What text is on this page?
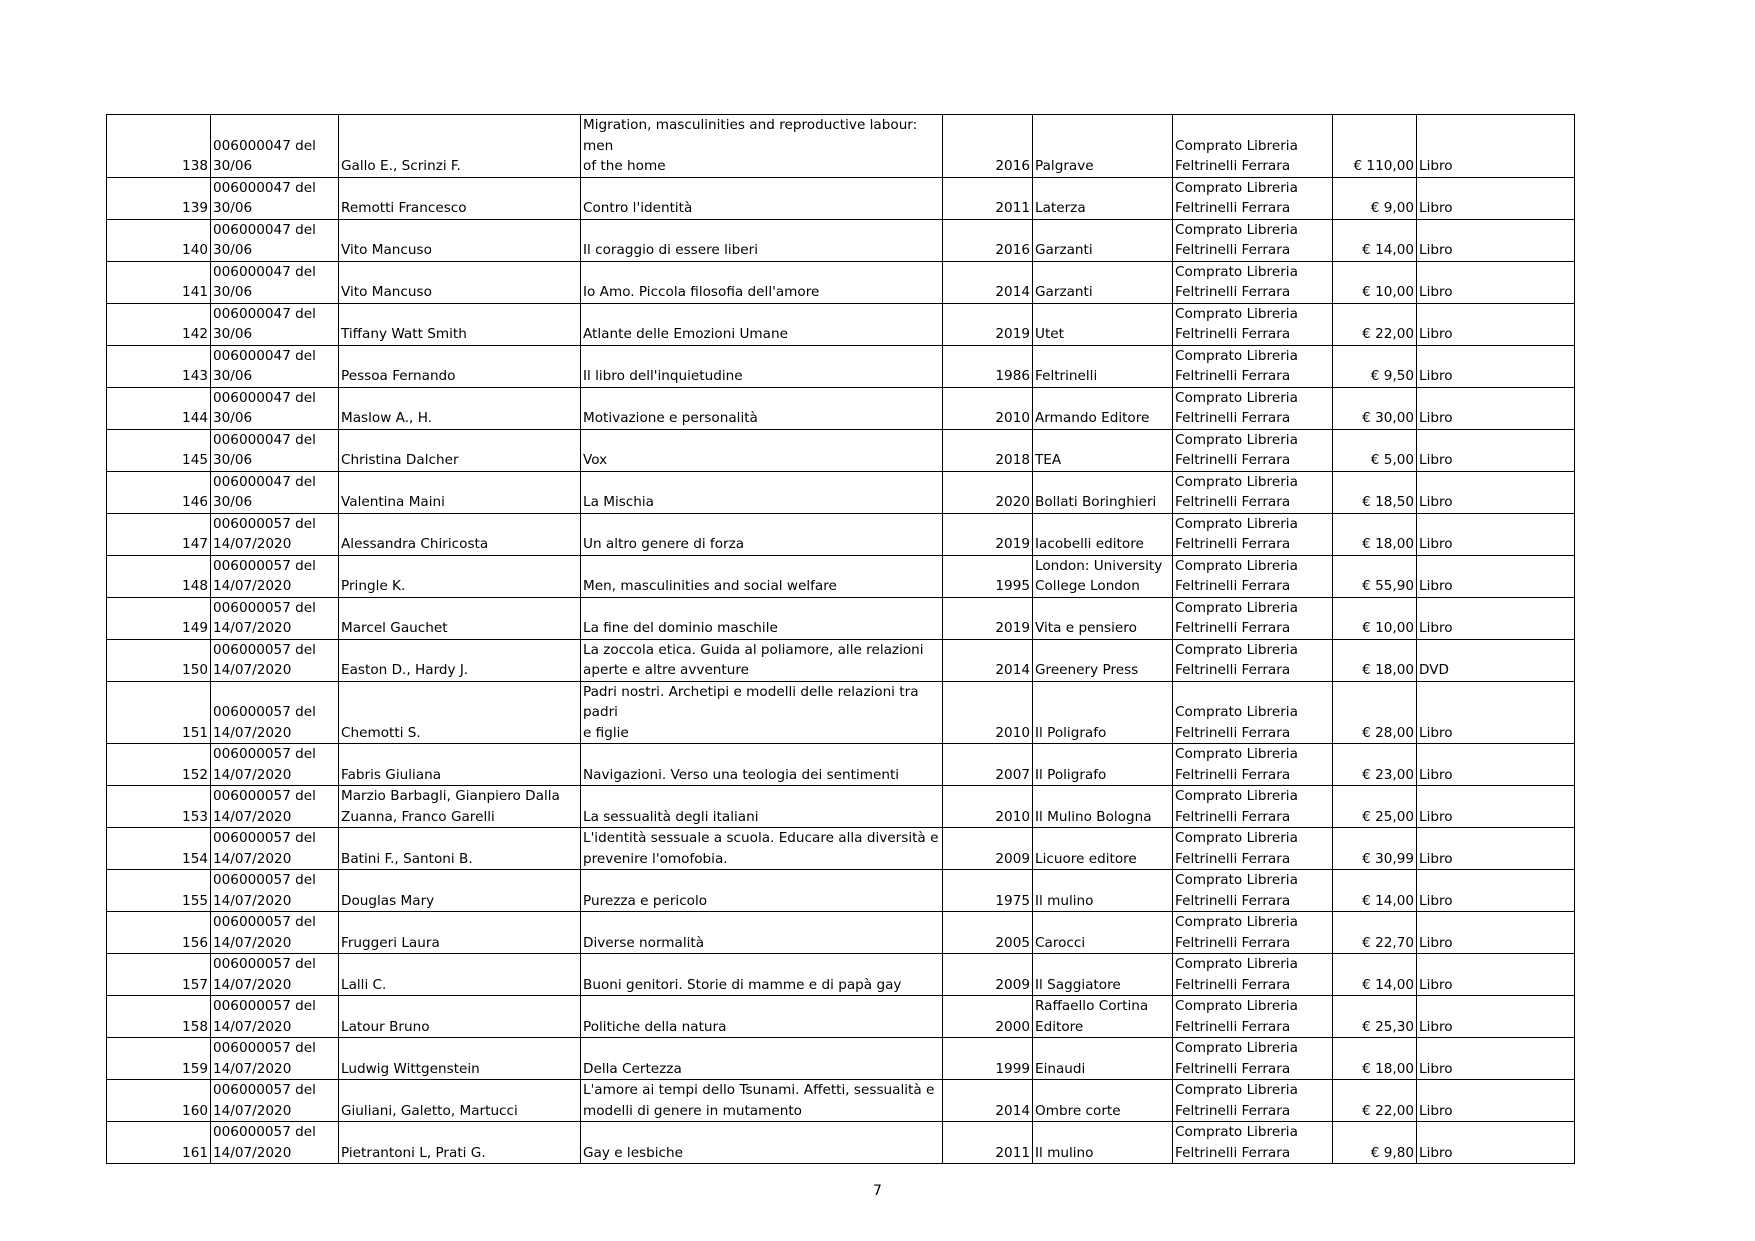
138	006000047 del
30/06	Gallo E., Scrinzi F.	Migration, masculinities and reproductive labour: men
of the home	2016	Palgrave	Comprato Libreria
Feltrinelli Ferrara	€ 110,00	Libro
139	006000047 del
30/06	Remotti Francesco	Contro l'identità	2011	Laterza	Comprato Libreria
Feltrinelli Ferrara	€ 9,00	Libro
140	006000047 del
30/06	Vito Mancuso	Il coraggio di essere liberi	2016	Garzanti	Comprato Libreria
Feltrinelli Ferrara	€ 14,00	Libro
141	006000047 del
30/06	Vito Mancuso	Io Amo. Piccola filosofia dell'amore	2014	Garzanti	Comprato Libreria
Feltrinelli Ferrara	€ 10,00	Libro
142	006000047 del
30/06	Tiffany Watt Smith	Atlante delle Emozioni Umane	2019	Utet	Comprato Libreria
Feltrinelli Ferrara	€ 22,00	Libro
143	006000047 del
30/06	Pessoa Fernando	Il libro dell'inquietudine	1986	Feltrinelli	Comprato Libreria
Feltrinelli Ferrara	€ 9,50	Libro
144	006000047 del
30/06	Maslow A., H.	Motivazione e personalità	2010	Armando Editore	Comprato Libreria
Feltrinelli Ferrara	€ 30,00	Libro
145	006000047 del
30/06	Christina Dalcher	Vox	2018	TEA	Comprato Libreria
Feltrinelli Ferrara	€ 5,00	Libro
146	006000047 del
30/06	Valentina Maini	La Mischia	2020	Bollati Boringhieri	Comprato Libreria
Feltrinelli Ferrara	€ 18,50	Libro
147	006000057 del
14/07/2020	Alessandra Chiricosta	Un altro genere di forza	2019	Iacobelli editore	Comprato Libreria
Feltrinelli Ferrara	€ 18,00	Libro
148	006000057 del
14/07/2020	Pringle K.	Men, masculinities and social welfare	1995	London: University
College London	Comprato Libreria
Feltrinelli Ferrara	€ 55,90	Libro
149	006000057 del
14/07/2020	Marcel Gauchet	La fine del dominio maschile	2019	Vita e pensiero	Comprato Libreria
Feltrinelli Ferrara	€ 10,00	Libro
150	006000057 del
14/07/2020	Easton D., Hardy J.	La zoccola etica. Guida al poliamore, alle relazioni
aperte e altre avventure	2014	Greenery Press	Comprato Libreria
Feltrinelli Ferrara	€ 18,00	DVD
151	006000057 del
14/07/2020	Chemotti S.	Padri nostri. Archetipi e modelli delle relazioni tra padri
e figlie	2010	Il Poligrafo	Comprato Libreria
Feltrinelli Ferrara	€ 28,00	Libro
152	006000057 del
14/07/2020	Fabris Giuliana	Navigazioni. Verso una teologia dei sentimenti	2007	Il Poligrafo	Comprato Libreria
Feltrinelli Ferrara	€ 23,00	Libro
153	006000057 del
14/07/2020	Marzio Barbagli, Gianpiero Dalla
Zuanna, Franco Garelli	La sessualità degli italiani	2010	Il Mulino Bologna	Comprato Libreria
Feltrinelli Ferrara	€ 25,00	Libro
154	006000057 del
14/07/2020	Batini F., Santoni B.	L'identità sessuale a scuola. Educare alla diversità e
prevenire l'omofobia.	2009	Licuore editore	Comprato Libreria
Feltrinelli Ferrara	€ 30,99	Libro
155	006000057 del
14/07/2020	Douglas Mary	Purezza e pericolo	1975	Il mulino	Comprato Libreria
Feltrinelli Ferrara	€ 14,00	Libro
156	006000057 del
14/07/2020	Fruggeri Laura	Diverse normalità	2005	Carocci	Comprato Libreria
Feltrinelli Ferrara	€ 22,70	Libro
157	006000057 del
14/07/2020	Lalli C.	Buoni genitori. Storie di mamme e di papà gay	2009	Il Saggiatore	Comprato Libreria
Feltrinelli Ferrara	€ 14,00	Libro
158	006000057 del
14/07/2020	Latour Bruno	Politiche della natura	2000	Raffaello Cortina
Editore	Comprato Libreria
Feltrinelli Ferrara	€ 25,30	Libro
159	006000057 del
14/07/2020	Ludwig Wittgenstein	Della Certezza	1999	Einaudi	Comprato Libreria
Feltrinelli Ferrara	€ 18,00	Libro
160	006000057 del
14/07/2020	Giuliani, Galetto, Martucci	L'amore ai tempi dello Tsunami. Affetti, sessualità e
modelli di genere in mutamento	2014	Ombre corte	Comprato Libreria
Feltrinelli Ferrara	€ 22,00	Libro
161	006000057 del
14/07/2020	Pietrantoni L, Prati G.	Gay e lesbiche	2011	Il mulino	Comprato Libreria
Feltrinelli Ferrara	€ 9,80	Libro
7
